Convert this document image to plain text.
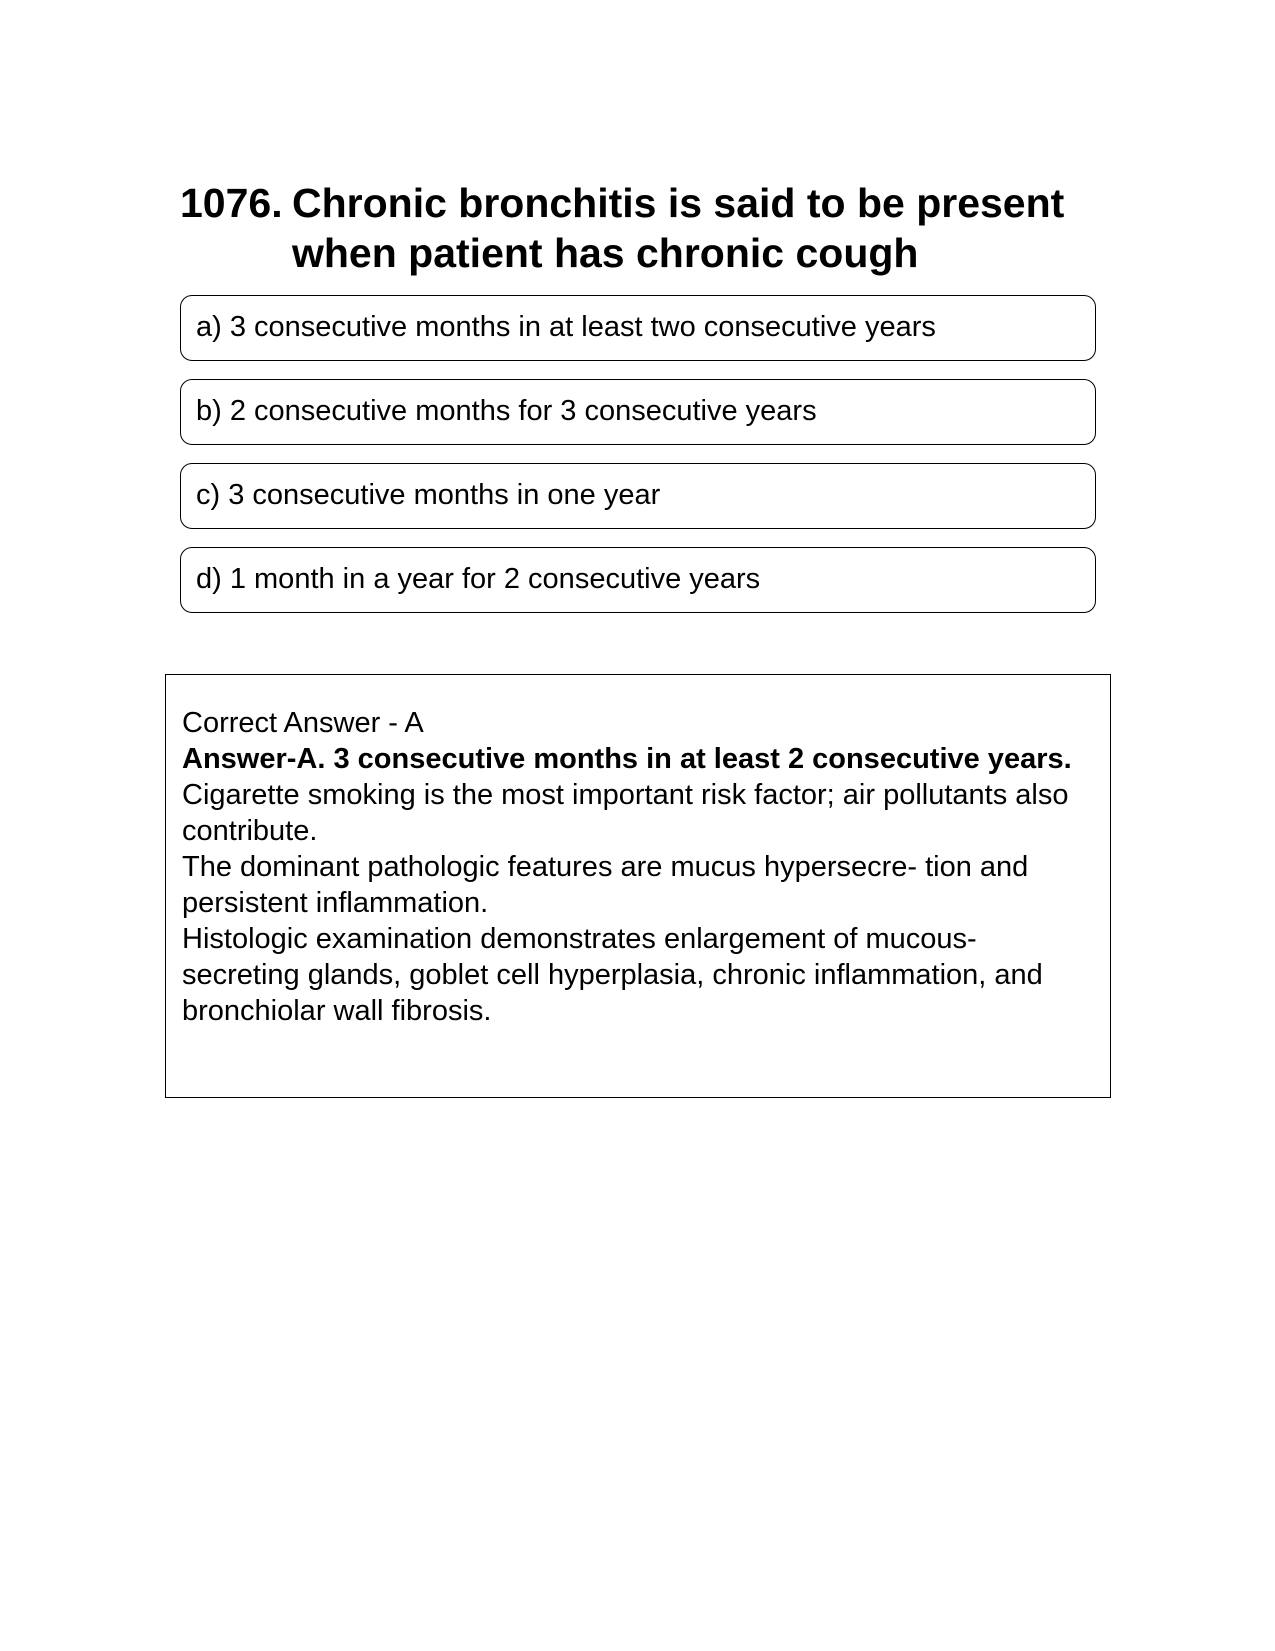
1076. Chronic bronchitis is said to be present when patient has chronic cough
a) 3 consecutive months in at least two consecutive years
b) 2 consecutive months for 3 consecutive years
c) 3 consecutive months in one year
d) 1 month in a year for 2 consecutive years

Correct Answer - A

Answer-A. 3 consecutive months in at least 2 consecutive years.

Cigarette smoking is the most important risk factor; air pollutants also contribute.

The dominant pathologic features are mucus hypersecre- tion and persistent inflammation.

Histologic examination demonstrates enlargement of mucous-secreting glands, goblet cell hyperplasia, chronic inflammation, and bronchiolar wall fibrosis.
